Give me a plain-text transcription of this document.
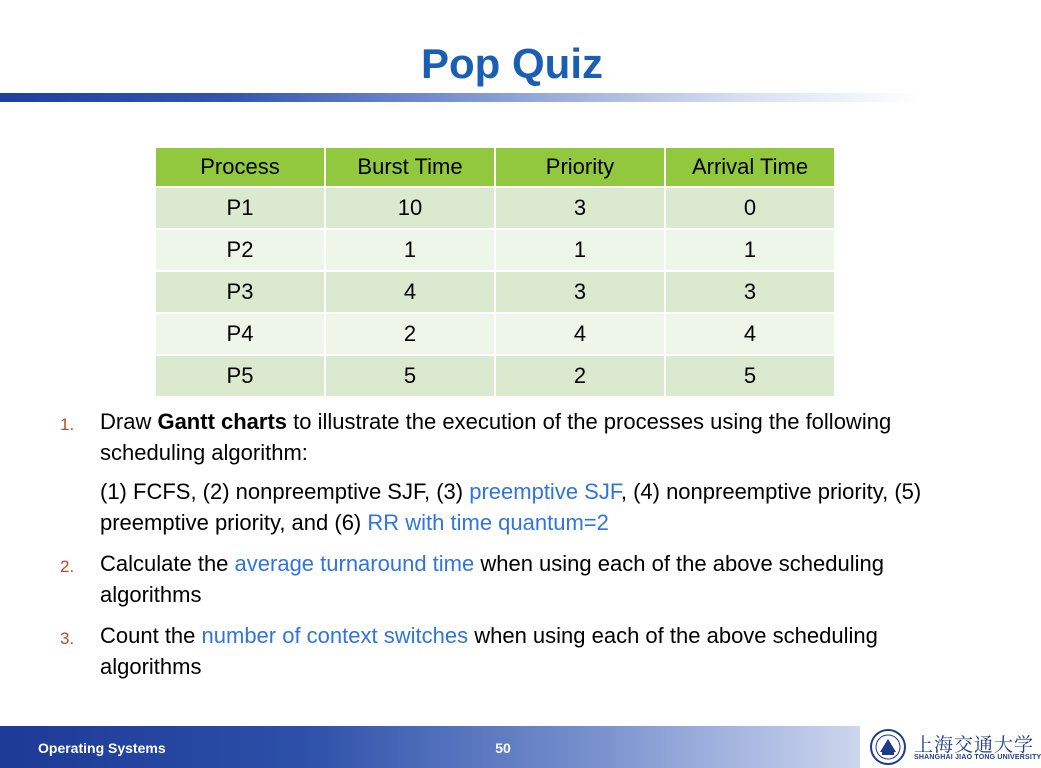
Pop Quiz
Process	Burst Time	Priority	Arrival Time
P1	10	3	0
P2	1	1	1
P3	4	3	3
P4	2	4	4
P5	5	2	5
1. Draw Gantt charts to illustrate the execution of the processes using the following scheduling algorithm:
(1) FCFS, (2) nonpreemptive SJF, (3) preemptive SJF, (4) nonpreemptive priority, (5) preemptive priority, and (6) RR with time quantum=2
2. Calculate the average turnaround time when using each of the above scheduling algorithms
3. Count the number of context switches when using each of the above scheduling algorithms
Operating Systems	50	上海交通大学
SHANGHAI JIAO TONG UNIVERSITY
